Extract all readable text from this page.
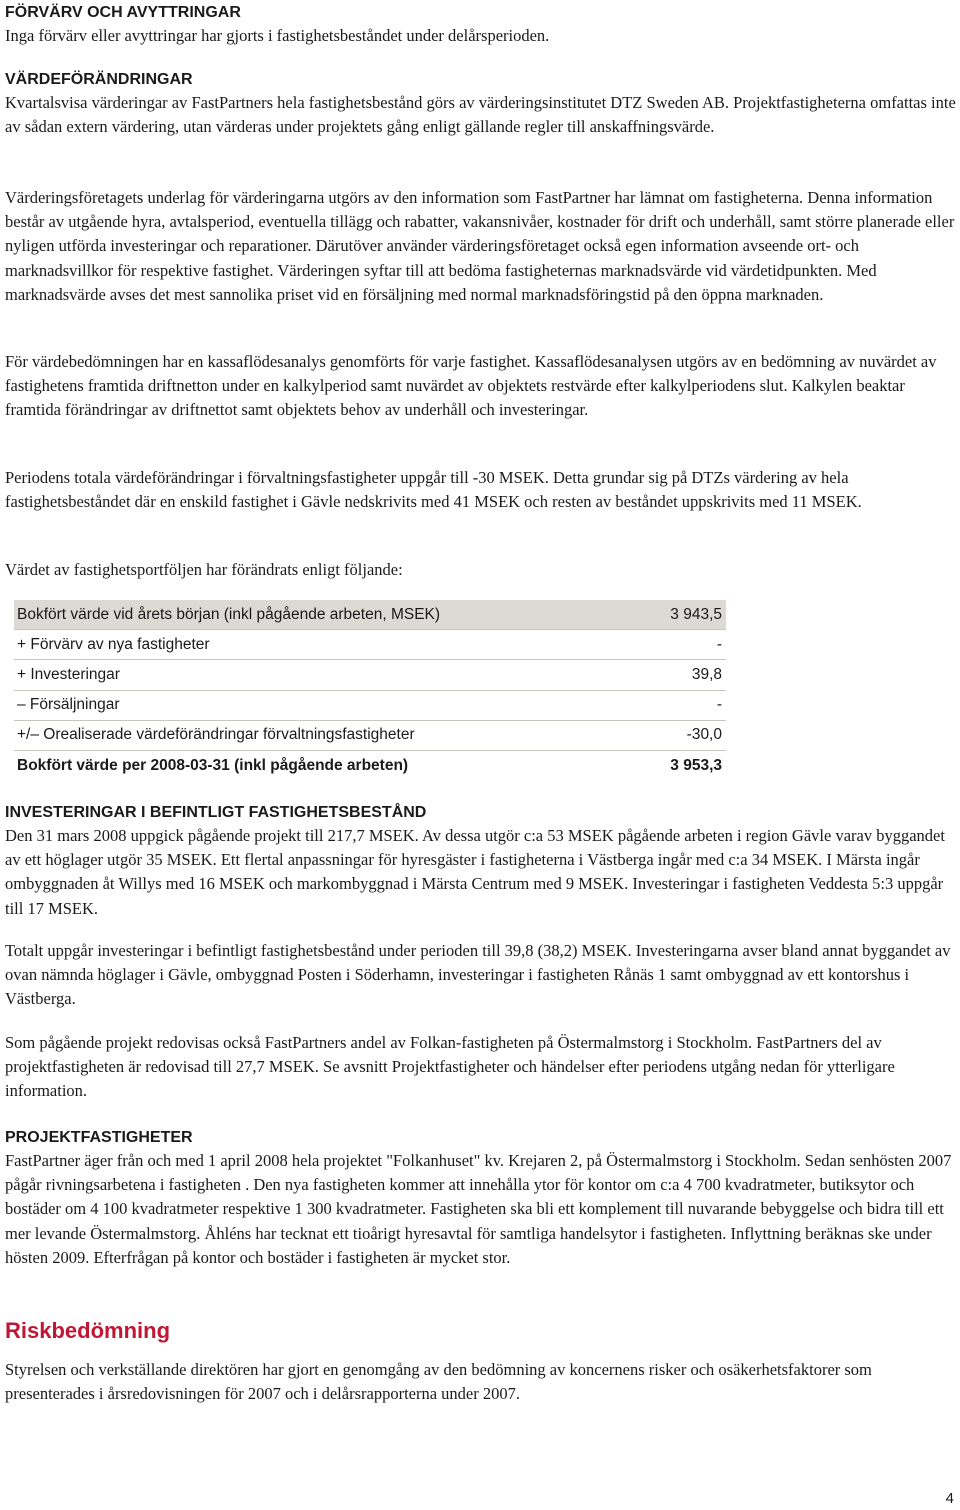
FÖRVÄRV OCH AVYTTRINGAR

Inga förvärv eller avyttringar har gjorts i fastighetsbeståndet under delårsperioden.

VÄRDEFÖRÄNDRINGAR

Kvartalsvisa värderingar av FastPartners hela fastighetsbestånd görs av värderingsinstitutet DTZ Sweden AB. Projektfastigheterna omfattas inte av sådan extern värdering, utan värderas under projektets gång enligt gällande regler till anskaffningsvärde.

Värderingsföretagets underlag för värderingarna utgörs av den information som FastPartner har lämnat om fastigheterna. Denna information består av utgående hyra, avtalsperiod, eventuella tillägg och rabatter, vakansnivåer, kostnader för drift och underhåll, samt större planerade eller nyligen utförda investeringar och reparationer. Därutöver använder värderingsföretaget också egen information avseende ort- och marknadsvillkor för respektive fastighet. Värderingen syftar till att bedöma fastigheternas marknadsvärde vid värdetidpunkten. Med marknadsvärde avses det mest sannolika priset vid en försäljning med normal marknadsföringstid på den öppna marknaden.

För värdebedömningen har en kassaflödesanalys genomförts för varje fastighet. Kassaflödesanalysen utgörs av en bedömning av nuvärdet av fastighetens framtida driftnetton under en kalkylperiod samt nuvärdet av objektets restvärde efter kalkylperiodens slut. Kalkylen beaktar framtida förändringar av driftnettot samt objektets behov av underhåll och investeringar.

Periodens totala värdeförändringar i förvaltningsfastigheter uppgår till -30 MSEK. Detta grundar sig på DTZs värdering av hela fastighetsbeståndet där en enskild fastighet i Gävle nedskrivits med 41 MSEK och resten av beståndet uppskrivits med 11 MSEK.

Värdet av fastighetsportföljen har förändrats enligt följande:

Bokfört värde vid årets början (inkl pågående arbeten, MSEK)	3 943,5
+ Förvärv av nya fastigheter	-
+ Investeringar	39,8
– Försäljningar	-
+/– Orealiserade värdeförändringar förvaltningsfastigheter	-30,0
Bokfört värde per 2008-03-31 (inkl pågående arbeten)	3 953,3
INVESTERINGAR I BEFINTLIGT FASTIGHETSBESTÅND

Den 31 mars 2008 uppgick pågående projekt till 217,7 MSEK. Av dessa utgör c:a 53 MSEK pågående arbeten i region Gävle varav byggandet av ett höglager utgör 35 MSEK. Ett flertal anpassningar för hyresgäster i fastigheterna i Västberga ingår med c:a 34 MSEK. I Märsta ingår ombyggnaden åt Willys med 16 MSEK och markombyggnad i Märsta Centrum med 9 MSEK. Investeringar i fastigheten Veddesta 5:3 uppgår till 17 MSEK.

Totalt uppgår investeringar i befintligt fastighetsbestånd under perioden till 39,8 (38,2) MSEK. Investeringarna avser bland annat byggandet av ovan nämnda höglager i Gävle, ombyggnad Posten i Söderhamn, investeringar i fastigheten Rånäs 1 samt ombyggnad av ett kontorshus i Västberga.

Som pågående projekt redovisas också FastPartners andel av Folkan-fastigheten på Östermalmstorg i Stockholm. FastPartners del av projektfastigheten är redovisad till 27,7 MSEK. Se avsnitt Projektfastigheter och händelser efter periodens utgång nedan för ytterligare information.

PROJEKTFASTIGHETER

FastPartner äger från och med 1 april 2008 hela projektet "Folkanhuset" kv. Krejaren 2, på Östermalmstorg i Stockholm. Sedan senhösten 2007 pågår rivningsarbetena i fastigheten . Den nya fastigheten kommer att innehålla ytor för kontor om c:a 4 700 kvadratmeter, butiksytor och bostäder om 4 100 kvadratmeter respektive 1 300 kvadratmeter. Fastigheten ska bli ett komplement till nuvarande bebyggelse och bidra till ett mer levande Östermalmstorg. Åhléns har tecknat ett tioårigt hyresavtal för samtliga handelsytor i fastigheten. Inflyttning beräknas ske under hösten 2009. Efterfrågan på kontor och bostäder i fastigheten är mycket stor.

Riskbedömning

Styrelsen och verkställande direktören har gjort en genomgång av den bedömning av koncernens risker och osäkerhetsfaktorer som presenterades i årsredovisningen för 2007 och i delårsrapporterna under 2007.

4
